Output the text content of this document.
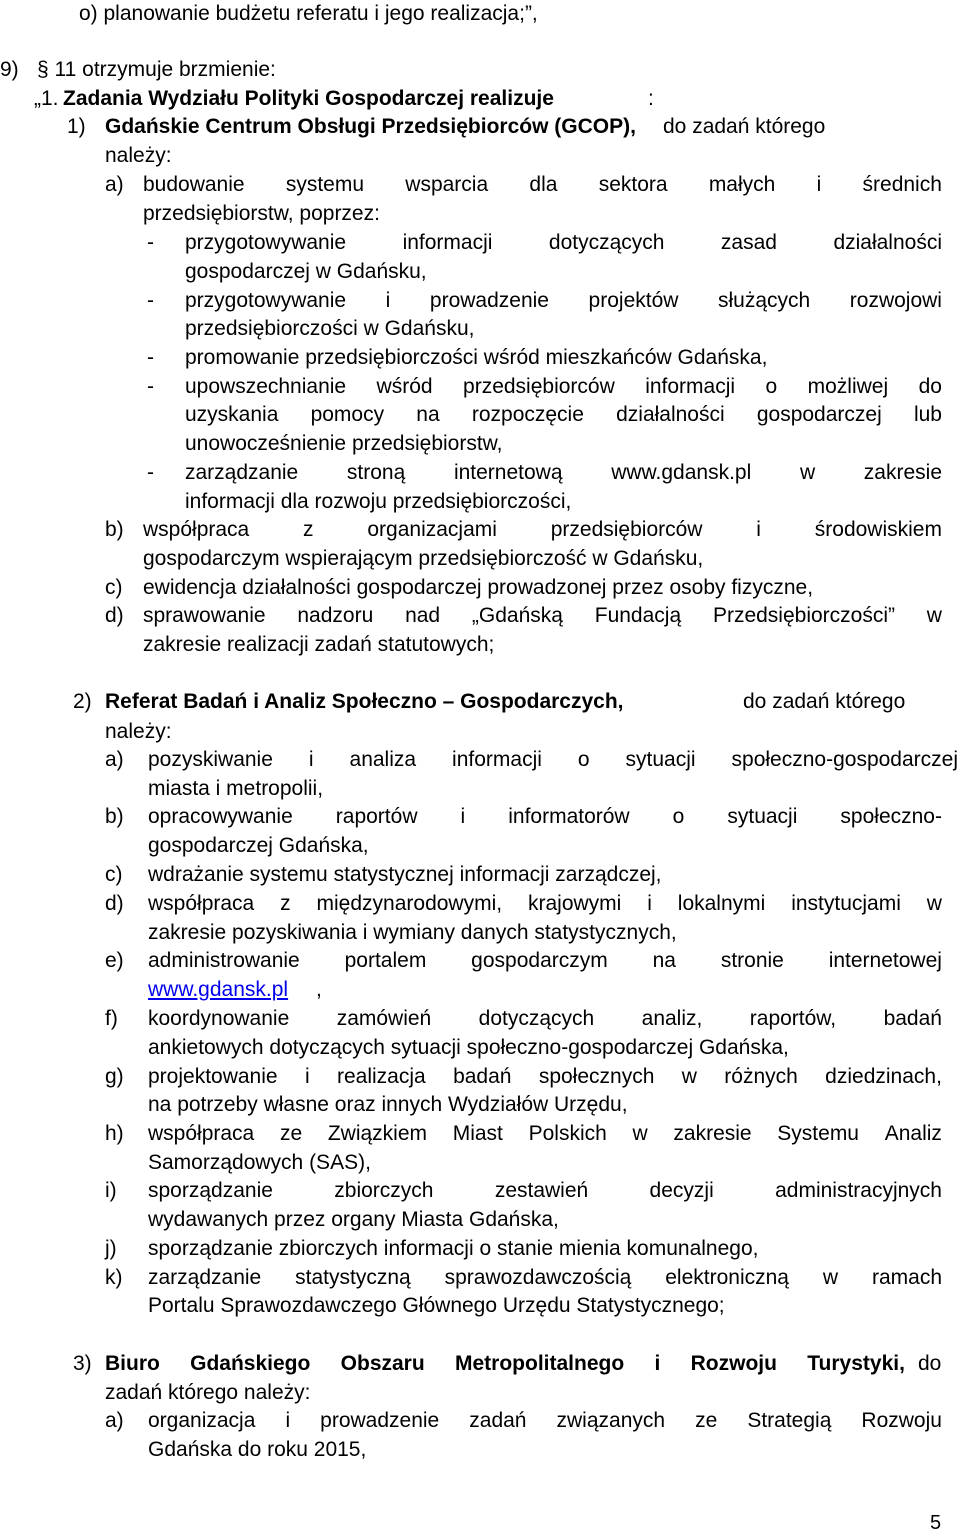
o) planowanie budżetu referatu i jego realizacja;”,
9) § 11 otrzymuje brzmienie:
„1. Zadania Wydziału Polityki Gospodarczej realizuje	:
1) Gdańskie Centrum Obsługi Przedsiębiorców (GCOP), do zadań którego
należy:
a) budowanie systemu wsparcia dla sektora małych i średnich
przedsiębiorstw, poprzez:
- przygotowywanie	informacji	dotyczących	zasad	działalności
gospodarczej w Gdańsku,
- przygotowywanie i prowadzenie projektów służących rozwojowi
przedsiębiorczości w Gdańsku,
- promowanie przedsiębiorczości wśród mieszkańców Gdańska,
- upowszechnianie wśród przedsiębiorców informacji o możliwej do
uzyskania pomocy na rozpoczęcie działalności gospodarczej lub
unowocześnienie przedsiębiorstw,
- zarządzanie stroną internetową www.gdansk.pl w zakresie
informacji dla rozwoju przedsiębiorczości,
b) współpraca	z	organizacjami	przedsiębiorców	i	środowiskiem
gospodarczym wspierającym przedsiębiorczość w Gdańsku,
c) ewidencja działalności gospodarczej prowadzonej przez osoby fizyczne,
d) sprawowanie nadzoru nad „Gdańską Fundacją Przedsiębiorczości” w
zakresie realizacji zadań statutowych;
2) Referat Badań i Analiz Społeczno – Gospodarczych,	do zadań którego
należy:
a) pozyskiwanie i analiza informacji o sytuacji społeczno-gospodarczej
miasta i metropolii,
b) opracowywanie raportów i informatorów o sytuacji społeczno-
gospodarczej Gdańska,
c) wdrażanie systemu statystycznej informacji zarządczej,
d) współpraca z międzynarodowymi, krajowymi i lokalnymi instytucjami w
zakresie pozyskiwania i wymiany danych statystycznych,
e) administrowanie portalem gospodarczym na stronie internetowej
www.gdansk.pl ,
f) koordynowanie zamówień dotyczących analiz, raportów, badań
ankietowych dotyczących sytuacji społeczno-gospodarczej Gdańska,
g) projektowanie i realizacja badań społecznych w różnych dziedzinach,
na potrzeby własne oraz innych Wydziałów Urzędu,
h) współpraca ze Związkiem Miast Polskich w zakresie Systemu Analiz
Samorządowych (SAS),
i) sporządzanie	zbiorczych	zestawień	decyzji	administracyjnych
wydawanych przez organy Miasta Gdańska,
j) sporządzanie zbiorczych informacji o stanie mienia komunalnego,
k) zarządzanie statystyczną sprawozdawczością elektroniczną w ramach
Portalu Sprawozdawczego Głównego Urzędu Statystycznego;
3) Biuro Gdańskiego Obszaru Metropolitalnego i Rozwoju Turystyki, do
zadań którego należy:
a) organizacja i prowadzenie zadań związanych ze Strategią Rozwoju
Gdańska do roku 2015,
5
